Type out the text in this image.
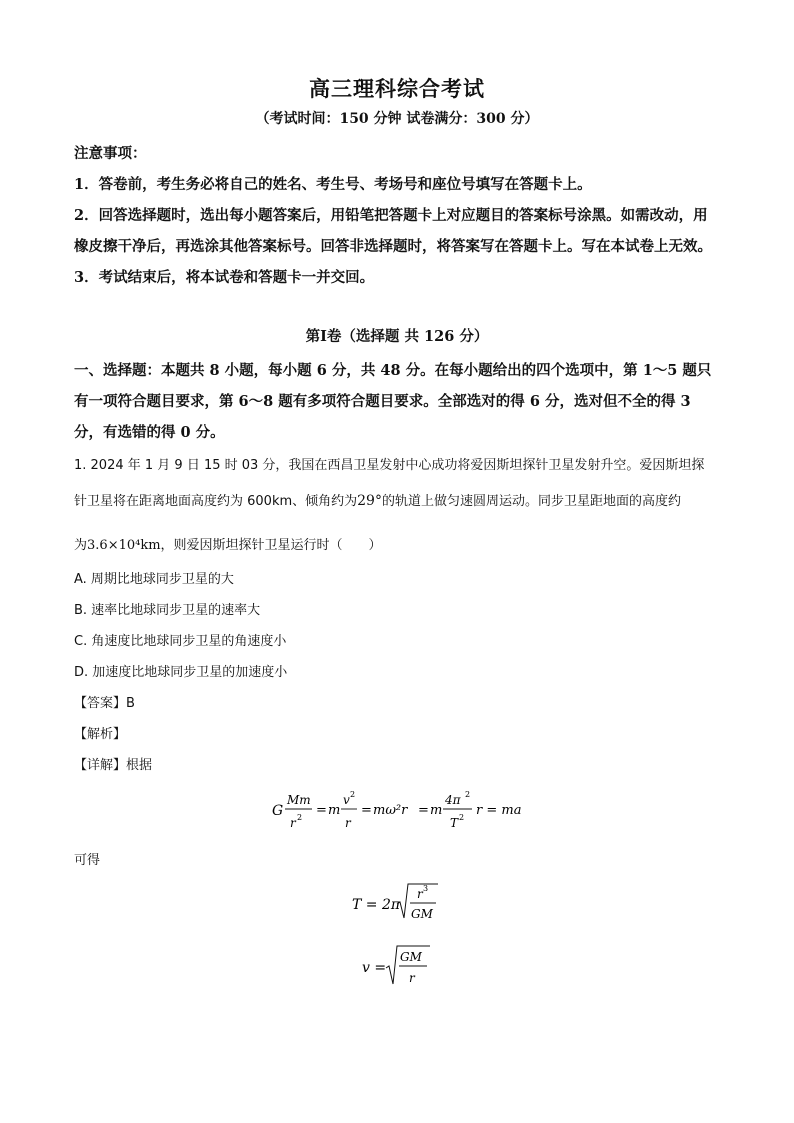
高三理科综合考试
（考试时间：150 分钟 试卷满分：300 分）

注意事项：

1．答卷前，考生务必将自己的姓名、考生号、考场号和座位号填写在答题卡上。

2．回答选择题时，选出每小题答案后，用铅笔把答题卡上对应题目的答案标号涂黑。如需改动，用橡皮擦干净后，再选涂其他答案标号。回答非选择题时，将答案写在答题卡上。写在本试卷上无效。

3．考试结束后，将本试卷和答题卡一并交回。

第Ⅰ卷（选择题 共 126 分）

一、选择题：本题共 8 小题，每小题 6 分，共 48 分。在每小题给出的四个选项中，第 1～5 题只有一项符合题目要求，第 6～8 题有多项符合题目要求。全部选对的得 6 分，选对但不全的得 3 分，有选错的得 0 分。

1. 2024 年 1 月 9 日 15 时 03 分，我国在西昌卫星发射中心成功将爱因斯坦探针卫星发射升空。爱因斯坦探
针卫星将在距离地面高度约为 600km、倾角约为29°的轨道上做匀速圆周运动。同步卫星距地面的高度约
为3.6×10⁴km，则爱因斯坦探针卫星运行时（　　）
A. 周期比地球同步卫星的大
B. 速率比地球同步卫星的速率大
C. 角速度比地球同步卫星的角速度小
D. 加速度比地球同步卫星的加速度小
【答案】B
【解析】
【详解】根据
G
Mm
r 2 = m
v 2
r
= mω²r = m
4π 2
T 2 r = ma
可得
T = 2π
r 3
GM
v =
GM
r
